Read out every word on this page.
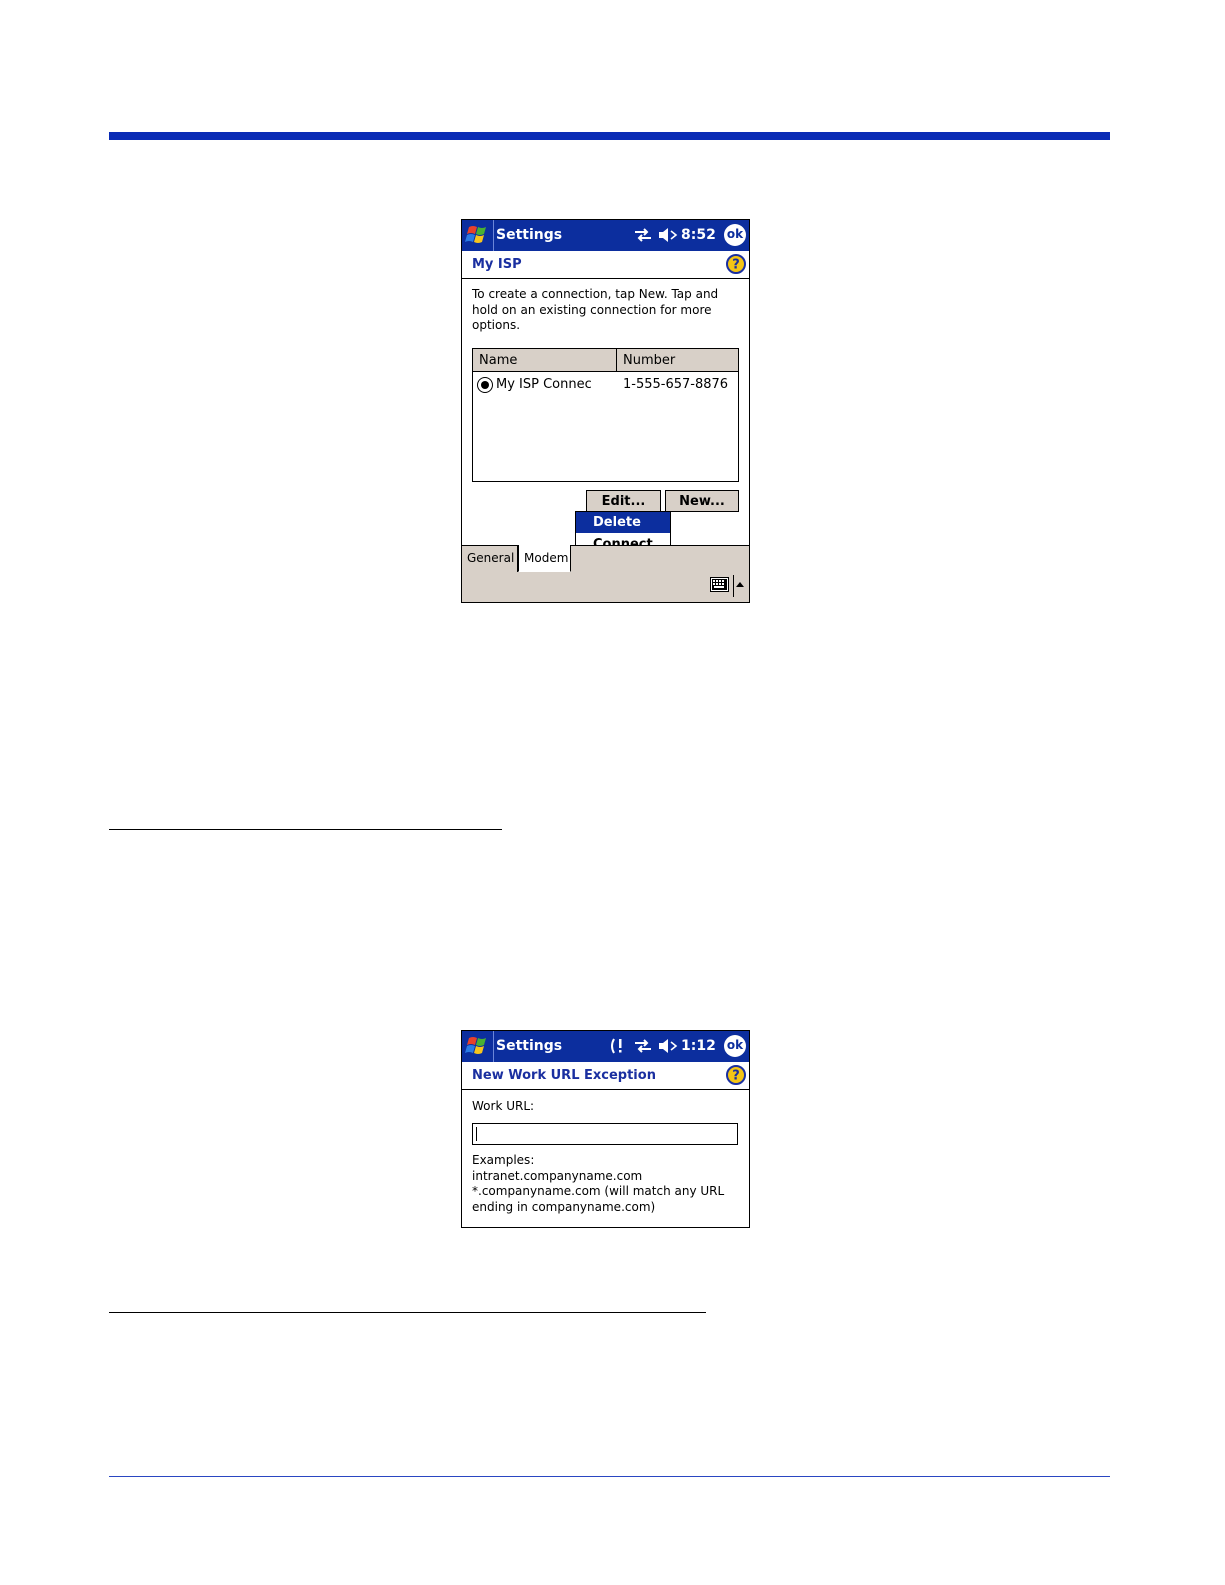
Settings	8:52 ok
My ISP	?
To create a connection, tap New. Tap and
hold on an existing connection for more
options.
Name	Number
My ISP Connec 1-555-657-8876
Delete
Edit...	New...
General Modem
Settings	1:12 ok
New Work URL Exception	?
Work URL:
Examples:
intranet.companyname.com
*.companyname.com (will match any URL
ending in companyname.com)
